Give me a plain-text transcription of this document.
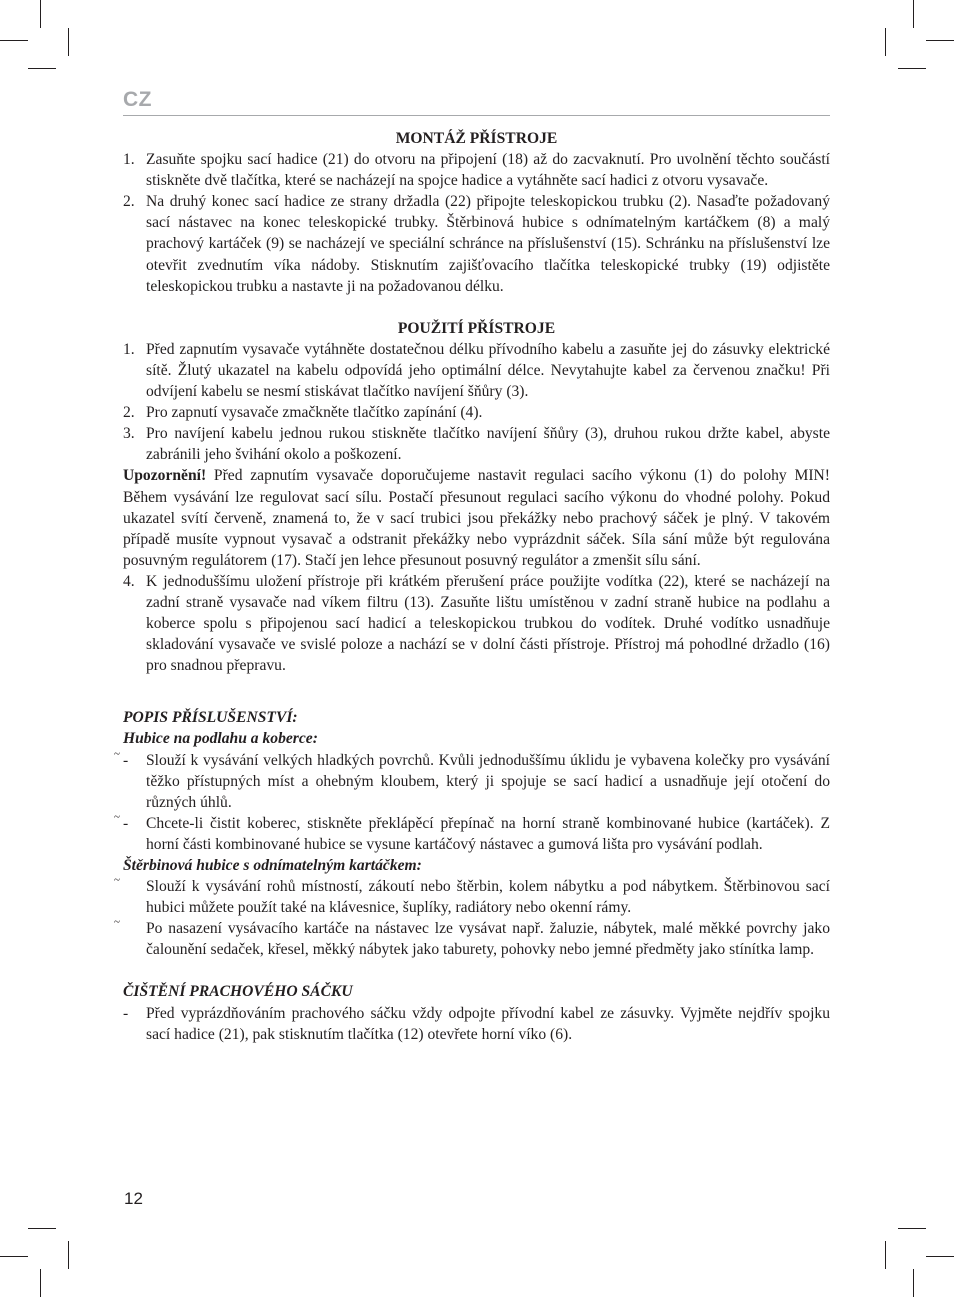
CZ
MONTÁŽ PŘÍSTROJE
1. Zasuňte spojku sací hadice (21) do otvoru na připojení (18) až do zacvaknutí. Pro uvolnění těchto součástí stiskněte dvě tlačítka, které se nacházejí na spojce hadice a vytáhněte sací hadici z otvoru vysavače.
2. Na druhý konec sací hadice ze strany držadla (22) připojte teleskopickou trubku (2). Nasaďte požadovaný sací nástavec na konec teleskopické trubky. Štěrbinová hubice s odnímatelným kartáčkem (8) a malý prachový kartáček (9) se nacházejí ve speciální schránce na příslušenství (15). Schránku na příslušenství lze otevřit zvednutím víka nádoby. Stisknutím zajišťovacího tlačítka teleskopické trubky (19) odjistěte teleskopickou trubku a nastavte ji na požadovanou délku.
POUŽITÍ PŘÍSTROJE
1. Před zapnutím vysavače vytáhněte dostatečnou délku přívodního kabelu a zasuňte jej do zásuvky elektrické sítě. Žlutý ukazatel na kabelu odpovídá jeho optimální délce. Nevytahujte kabel za červenou značku! Při odvíjení kabelu se nesmí stiskávat tlačítko navíjení šňůry (3).
2. Pro zapnutí vysavače zmačkněte tlačítko zapínání (4).
3. Pro navíjení kabelu jednou rukou stiskněte tlačítko navíjení šňůry (3), druhou rukou držte kabel, abyste zabránili jeho švihání okolo a poškození.

Upozornění! Před zapnutím vysavače doporučujeme nastavit regulaci sacího výkonu (1) do polohy MIN! Během vysávání lze regulovat sací sílu. Postačí přesunout regulaci sacího výkonu do vhodné polohy. Pokud ukazatel svítí červeně, znamená to, že v sací trubici jsou překážky nebo prachový sáček je plný. V takovém případě musíte vypnout vysavač a odstranit překážky nebo vyprázdnit sáček. Síla sání může být regulována posuvným regulátorem (17). Stačí jen lehce přesunout posuvný regulátor a zmenšit sílu sání.

4. K jednoduššímu uložení přístroje při krátkém přerušení práce použijte vodítka (22), které se nacházejí na zadní straně vysavače nad víkem filtru (13). Zasuňte lištu umístěnou v zadní straně hubice na podlahu a koberce spolu s připojenou sací hadicí a teleskopickou trubkou do vodítek. Druhé vodítko usnadňuje skladování vysavače ve svislé poloze a nachází se v dolní části přístroje. Přístroj má pohodlné držadlo (16) pro snadnou přepravu.
POPIS PŘÍSLUŠENSTVÍ:
Hubice na podlahu a koberce:
~ - Slouží k vysávání velkých hladkých povrchů. Kvůli jednoduššímu úklidu je vybavena kolečky pro vysávání těžko přístupných míst a ohebným kloubem, který ji spojuje se sací hadicí a usnadňuje její otočení do různých úhlů.
~ - Chcete-li čistit koberec, stiskněte překlápěcí přepínač na horní straně kombinované hubice (kartáček). Z horní části kombinované hubice se vysune kartáčový nástavec a gumová lišta pro vysávání podlah.
Štěrbinová hubice s odnímatelným kartáčkem:
~ Slouží k vysávání rohů místností, zákoutí nebo štěrbin, kolem nábytku a pod nábytkem. Štěrbinovou sací hubici můžete použít také na klávesnice, šuplíky, radiátory nebo okenní rámy.
~ Po nasazení vysávacího kartáče na nástavec lze vysávat např. žaluzie, nábytek, malé měkké povrchy jako čalounění sedaček, křesel, měkký nábytek jako taburety, pohovky nebo jemné předměty jako stínítka lamp.
ČIŠTĚNÍ PRACHOVÉHO SÁČKU
- Před vyprázdňováním prachového sáčku vždy odpojte přívodní kabel ze zásuvky. Vyjměte nejdřív spojku sací hadice (21), pak stisknutím tlačítka (12) otevřete horní víko (6).
12
